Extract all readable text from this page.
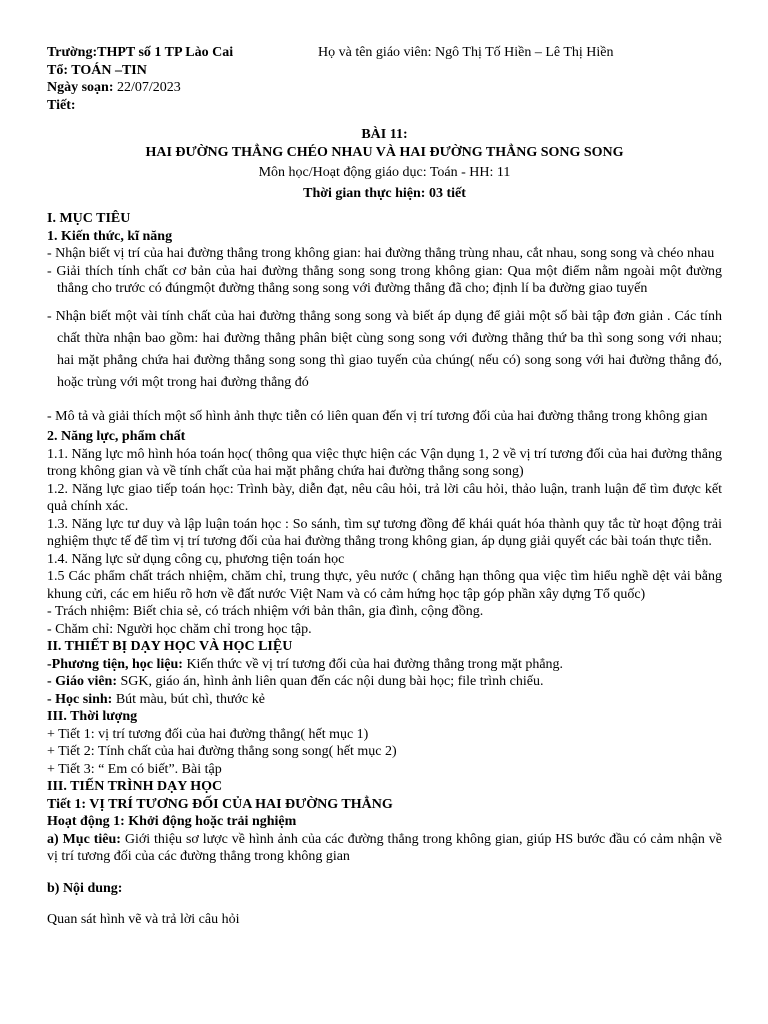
Trường:THPT số 1 TP Lào Cai	Họ và tên giáo viên: Ngô Thị Tố Hiền – Lê Thị Hiền

Tổ: TOÁN –TIN

Ngày soạn: 22/07/2023

Tiết:

BÀI 11:

HAI ĐƯỜNG THẲNG CHÉO NHAU VÀ HAI ĐƯỜNG THẲNG SONG SONG

Môn học/Hoạt động giáo dục: Toán - HH: 11

Thời gian thực hiện: 03 tiết

I. MỤC TIÊU

1. Kiến thức, kĩ năng

- Nhận biết vị trí của hai đường thẳng trong không gian: hai đường thẳng trùng nhau, cắt nhau, song song và chéo nhau

- Giải thích tính chất cơ bản của hai đường thẳng song song trong không gian: Qua một điểm nằm ngoài một đường thẳng cho trước có đúngmột đường thẳng song song với đường thẳng đã cho; định lí ba đường giao tuyến

- Nhận biết một vài tính chất của hai đường thẳng song song và biết áp dụng để giải một số bài tập đơn giản . Các tính chất thừa nhận bao gồm: hai đường thẳng phân biệt cùng song song với đường thẳng thứ ba thì song song với nhau; hai mặt phẳng chứa hai đường thẳng song song thì giao tuyến của chúng( nếu có) song song với hai đường thẳng đó, hoặc trùng với một trong hai đường thẳng đó

- Mô tả và giải thích một số hình ảnh thực tiễn có liên quan đến vị trí tương đối của hai đường thẳng trong không gian

2. Năng lực, phẩm chất

1.1. Năng lực mô hình hóa toán học( thông qua việc thực hiện các Vận dụng 1, 2 về vị trí tương đối của hai đường thẳng trong không gian và về tính chất của hai mặt phẳng chứa hai đường thẳng song song)

1.2. Năng lực giao tiếp toán học: Trình bày, diễn đạt, nêu câu hỏi, trả lời câu hỏi, thảo luận, tranh luận để tìm được kết quả chính xác.

1.3. Năng lực tư duy và lập luận toán học : So sánh, tìm sự tương đồng để khái quát hóa thành quy tắc từ hoạt động trải nghiệm thực tế để tìm vị trí tương đối của hai đường thẳng trong không gian, áp dụng giải quyết các bài toán thực tiễn.

1.4. Năng lực sử dụng công cụ, phương tiện toán học

1.5 Các phẩm chất trách nhiệm, chăm chỉ, trung thực, yêu nước ( chẳng hạn thông qua việc tìm hiểu nghề dệt vải bằng khung cửi, các em hiểu rõ hơn về đất nước Việt Nam và có cảm hứng học tập góp phần xây dựng Tổ quốc)

- Trách nhiệm: Biết chia sẻ, có trách nhiệm với bản thân, gia đình, cộng đồng.

- Chăm chỉ: Người học chăm chỉ trong học tập.

II. THIẾT BỊ DẠY HỌC VÀ HỌC LIỆU

-Phương tiện, học liệu: Kiến thức về vị trí tương đối của hai đường thẳng trong mặt phẳng.

- Giáo viên: SGK, giáo án, hình ảnh liên quan đến các nội dung bài học; file trình chiếu.

- Học sinh: Bút màu, bút chì, thước kẻ

III. Thời lượng

+ Tiết 1: vị trí tương đối của hai đường thẳng( hết mục 1)

+ Tiết 2: Tính chất của hai đường thẳng song song( hết mục 2)

+ Tiết 3: “ Em có biết”. Bài tập

III. TIẾN TRÌNH DẠY HỌC

Tiết 1: VỊ TRÍ TƯƠNG ĐỐI CỦA HAI ĐƯỜNG THẲNG

Hoạt động 1: Khởi động hoặc trải nghiệm

a) Mục tiêu: Giới thiệu sơ lược về hình ảnh của các đường thẳng trong không gian, giúp HS bước đầu có cảm nhận về vị trí tương đối của các đường thẳng trong không gian

b) Nội dung:

Quan sát hình vẽ và trả lời câu hỏi
